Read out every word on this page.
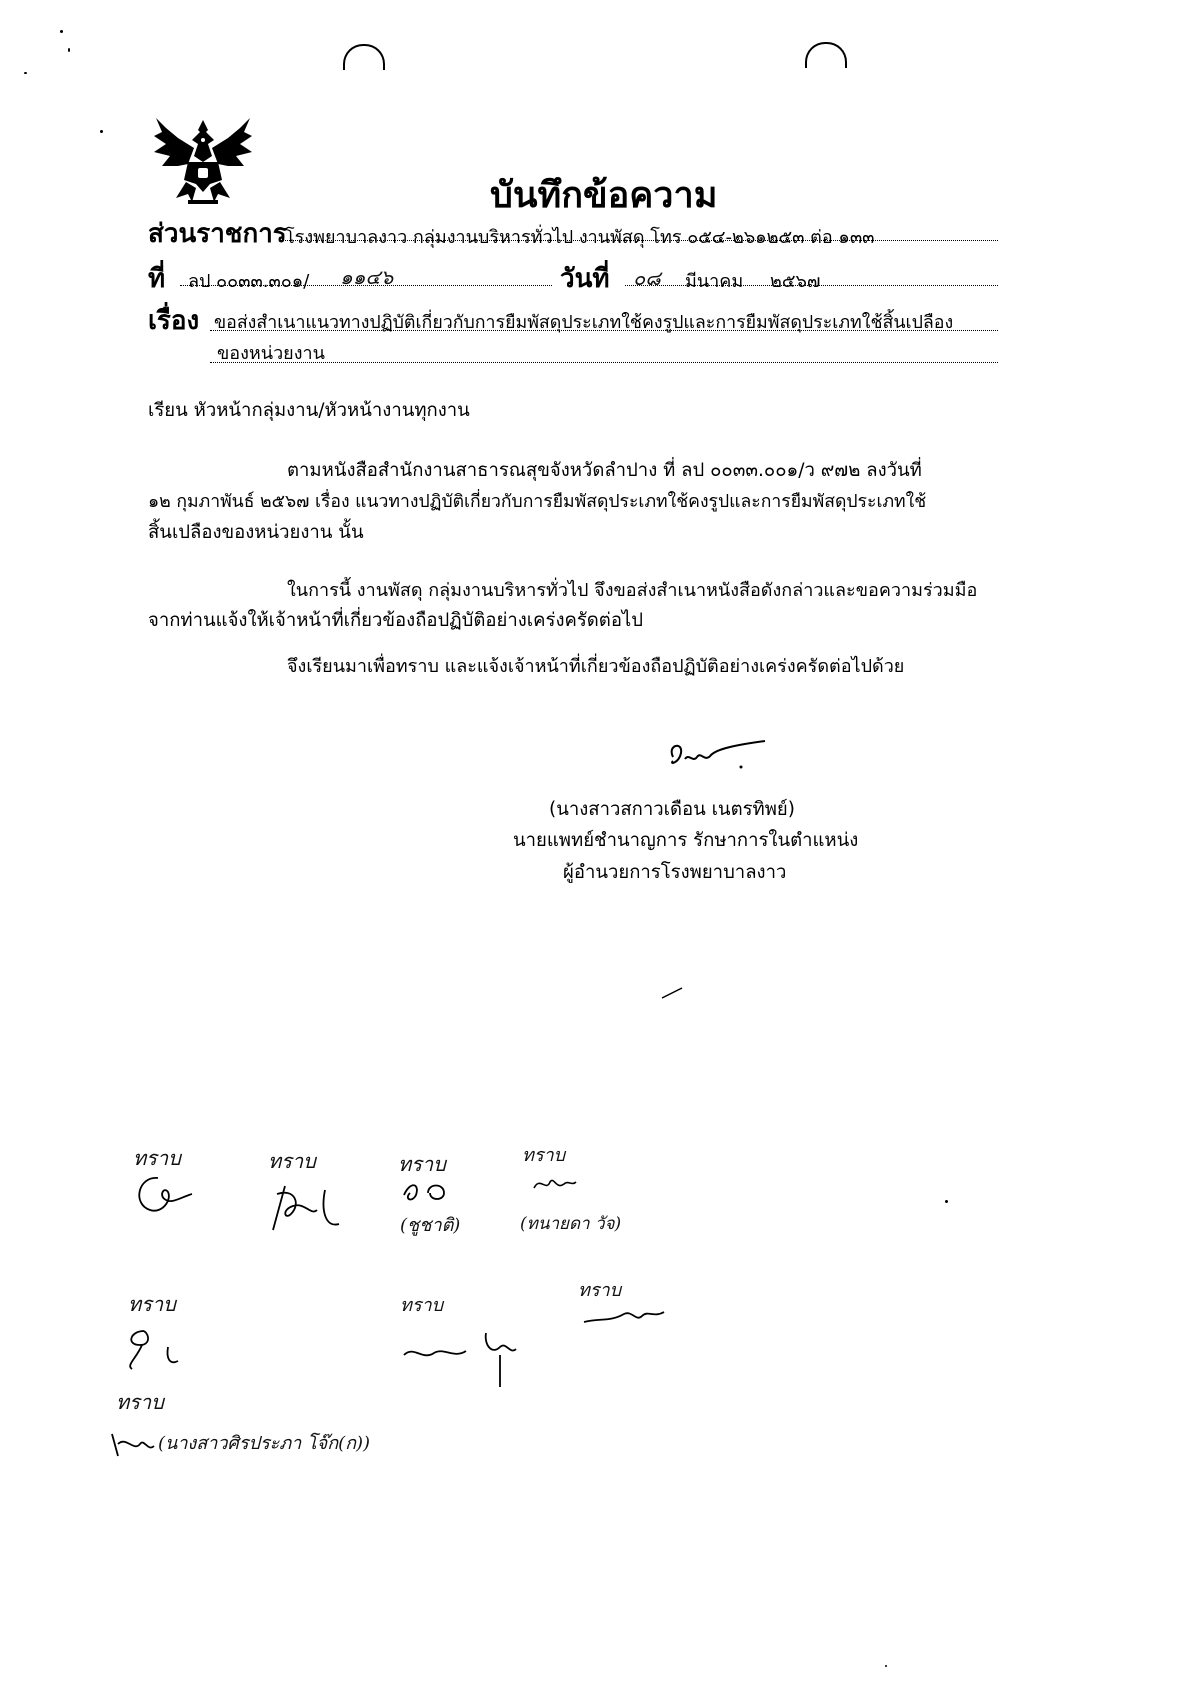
บันทึกข้อความ
ส่วนราชการ
โรงพยาบาลงาว กลุ่มงานบริหารทั่วไป งานพัสดุ โทร ๐๕๔-๒๖๑๒๕๓ ต่อ ๑๓๓
ที่ ลป ๐๐๓๓.๓๐๑/ ๑๑๔๖	วันที่ ๐๘ มีนาคม ๒๕๖๗
เรื่อง ขอส่งสำเนาแนวทางปฏิบัติเกี่ยวกับการยืมพัสดุประเภทใช้คงรูปและการยืมพัสดุประเภทใช้สิ้นเปลือง
ของหน่วยงาน
เรียน หัวหน้ากลุ่มงาน/หัวหน้างานทุกงาน
ตามหนังสือสำนักงานสาธารณสุขจังหวัดลำปาง ที่ ลป ๐๐๓๓.๐๐๑/ว ๙๗๒ ลงวันที่
๑๒ กุมภาพันธ์ ๒๕๖๗ เรื่อง แนวทางปฏิบัติเกี่ยวกับการยืมพัสดุประเภทใช้คงรูปและการยืมพัสดุประเภทใช้
สิ้นเปลืองของหน่วยงาน นั้น
ในการนี้ งานพัสดุ กลุ่มงานบริหารทั่วไป จึงขอส่งสำเนาหนังสือดังกล่าวและขอความร่วมมือ
จากท่านแจ้งให้เจ้าหน้าที่เกี่ยวข้องถือปฏิบัติอย่างเคร่งครัดต่อไป
จึงเรียนมาเพื่อทราบ และแจ้งเจ้าหน้าที่เกี่ยวข้องถือปฏิบัติอย่างเคร่งครัดต่อไปด้วย
(นางสาวสกาวเดือน เนตรทิพย์)
นายแพทย์ชำนาญการ รักษาการในตำแหน่ง
ผู้อำนวยการโรงพยาบาลงาว
ทราบ	ทราบ	ทราบ
(ชูชาติ)
ทราบ
(ทนายดา วัจ)
ทราบ	ทราบ
ทราบ
ทราบ
(นางสาวศิรประภา โจ๊ก(ก))
